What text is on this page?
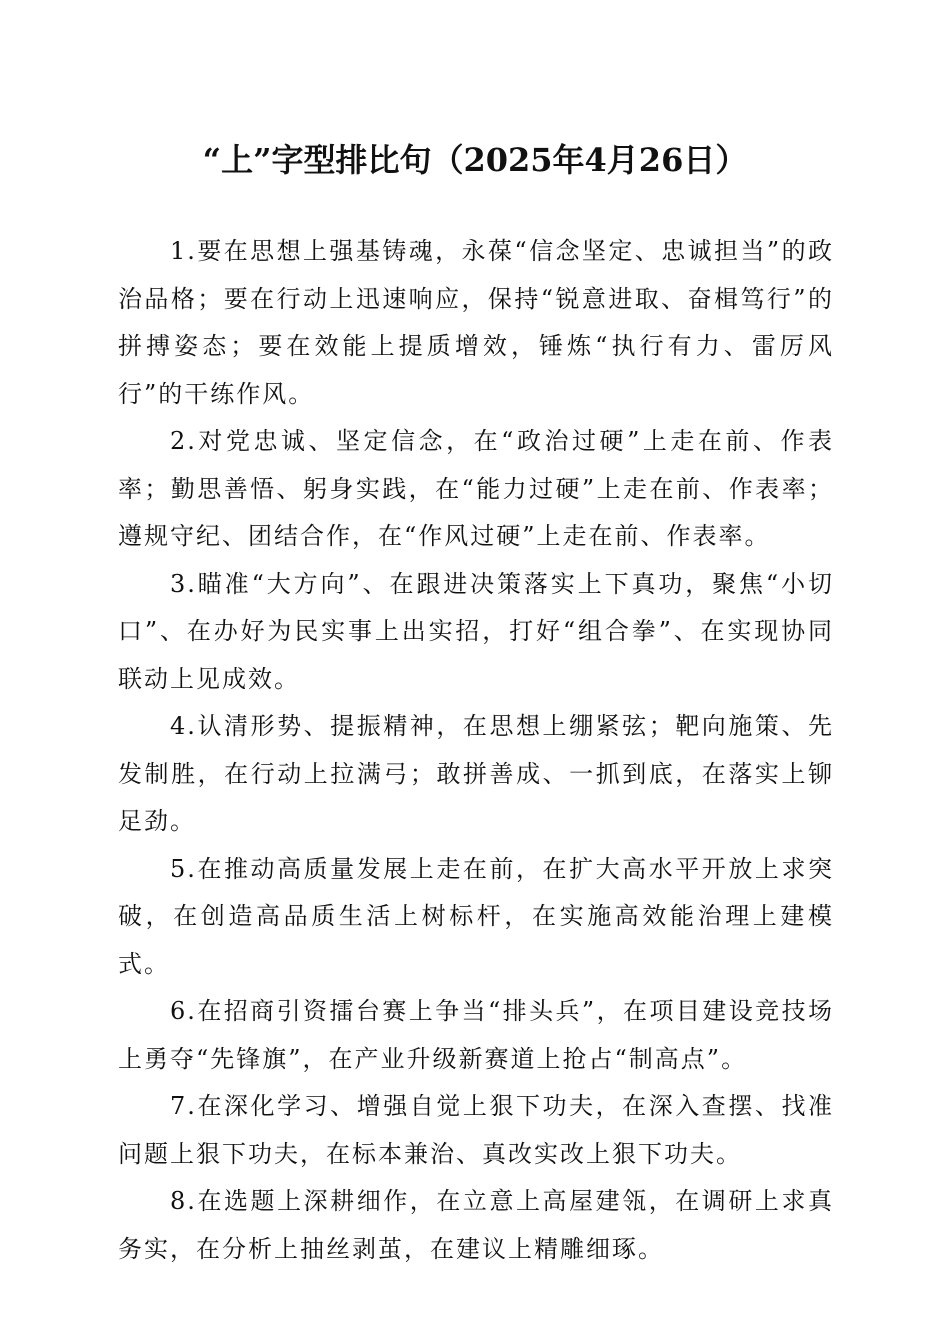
“上”字型排比句（2025年4月26日）

1.要在思想上强基铸魂，永葆“信念坚定、忠诚担当”的政治品格；要在行动上迅速响应，保持“锐意进取、奋楫笃行”的拼搏姿态；要在效能上提质增效，锤炼“执行有力、雷厉风行”的干练作风。

2.对党忠诚、坚定信念，在“政治过硬”上走在前、作表率；勤思善悟、躬身实践，在“能力过硬”上走在前、作表率；遵规守纪、团结合作，在“作风过硬”上走在前、作表率。

3.瞄准“大方向”、在跟进决策落实上下真功，聚焦“小切口”、在办好为民实事上出实招，打好“组合拳”、在实现协同联动上见成效。

4.认清形势、提振精神，在思想上绷紧弦；靶向施策、先发制胜，在行动上拉满弓；敢拼善成、一抓到底，在落实上铆足劲。

5.在推动高质量发展上走在前，在扩大高水平开放上求突破，在创造高品质生活上树标杆，在实施高效能治理上建模式。

6.在招商引资擂台赛上争当“排头兵”，在项目建设竞技场上勇夺“先锋旗”，在产业升级新赛道上抢占“制高点”。

7.在深化学习、增强自觉上狠下功夫，在深入查摆、找准问题上狠下功夫，在标本兼治、真改实改上狠下功夫。

8.在选题上深耕细作，在立意上高屋建瓴，在调研上求真务实，在分析上抽丝剥茧，在建议上精雕细琢。
